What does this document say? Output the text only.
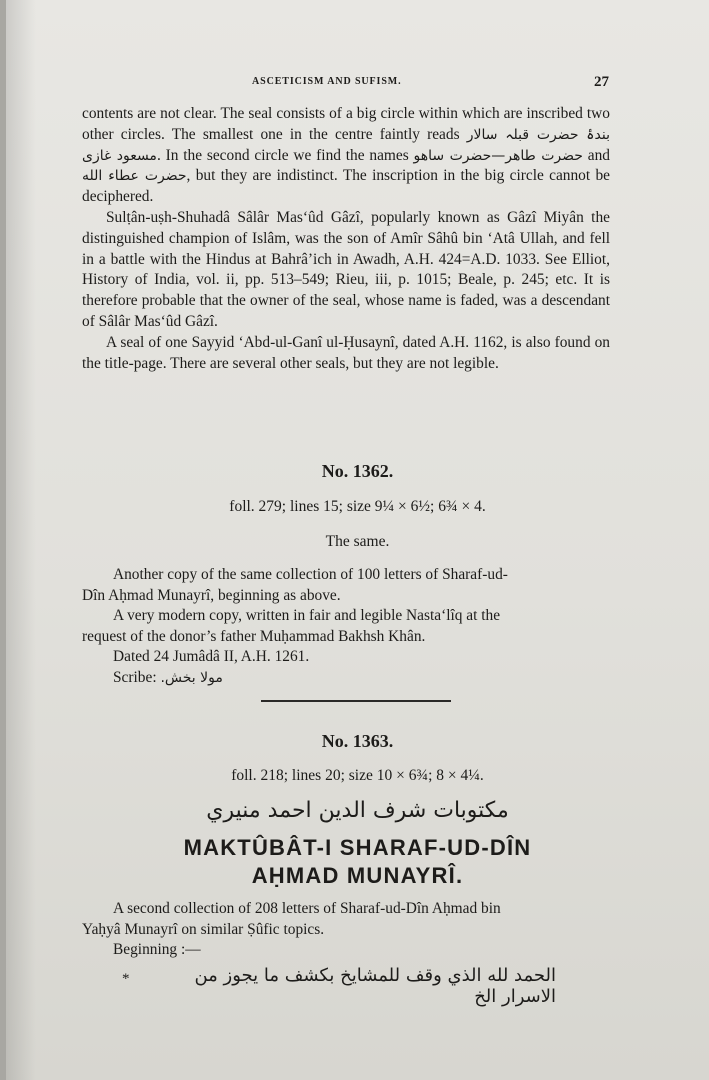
ASCETICISM AND SUFISM.	27

contents are not clear. The seal consists of a big circle within which are inscribed two other circles. The smallest one in the centre faintly reads بندۂ حضرت قبلہ سالار مسعود غازی. In the second circle we find the names حضرت طاهر—حضرت ساهو and حضرت عطاء الله, but they are indistinct. The inscription in the big circle cannot be deciphered.

Sulṭân-uṣh-Shuhadâ Sâlâr Mas‘ûd Gâzî, popularly known as Gâzî Miyân the distinguished champion of Islâm, was the son of Amîr Sâhû bin ‘Atâ Ullah, and fell in a battle with the Hindus at Bahrâ’ich in Awadh, A.H. 424=A.D. 1033. See Elliot, History of India, vol. ii, pp. 513–549; Rieu, iii, p. 1015; Beale, p. 245; etc. It is therefore probable that the owner of the seal, whose name is faded, was a descendant of Sâlâr Mas‘ûd Gâzî.

A seal of one Sayyid ‘Abd-ul-Ganî ul-Ḥusaynî, dated A.H. 1162, is also found on the title-page. There are several other seals, but they are not legible.

No. 1362.
foll. 279; lines 15; size 9¼ × 6½; 6¾ × 4.
The same.

Another copy of the same collection of 100 letters of Sharaf-ud-

Dîn Aḥmad Munayrî, beginning as above.

A very modern copy, written in fair and legible Nasta‘lîq at the

request of the donor’s father Muḥammad Bakhsh Khân.

Dated 24 Jumâdâ II, A.H. 1261.

Scribe: مولا بخش.

No. 1363.
foll. 218; lines 20; size 10 × 6¾; 8 × 4¼.
مكتوبات شرف الدين احمد منيري
MAKTÛBÂT-I SHARAF-UD-DÎN
AḤMAD MUNAYRÎ.

A second collection of 208 letters of Sharaf-ud-Dîn Aḥmad bin

Yaḥyâ Munayrî on similar Ṣûfic topics.

Beginning :—

*	الحمد لله الذي وقف للمشايخ بكشف ما يجوز من الاسرار الخ
